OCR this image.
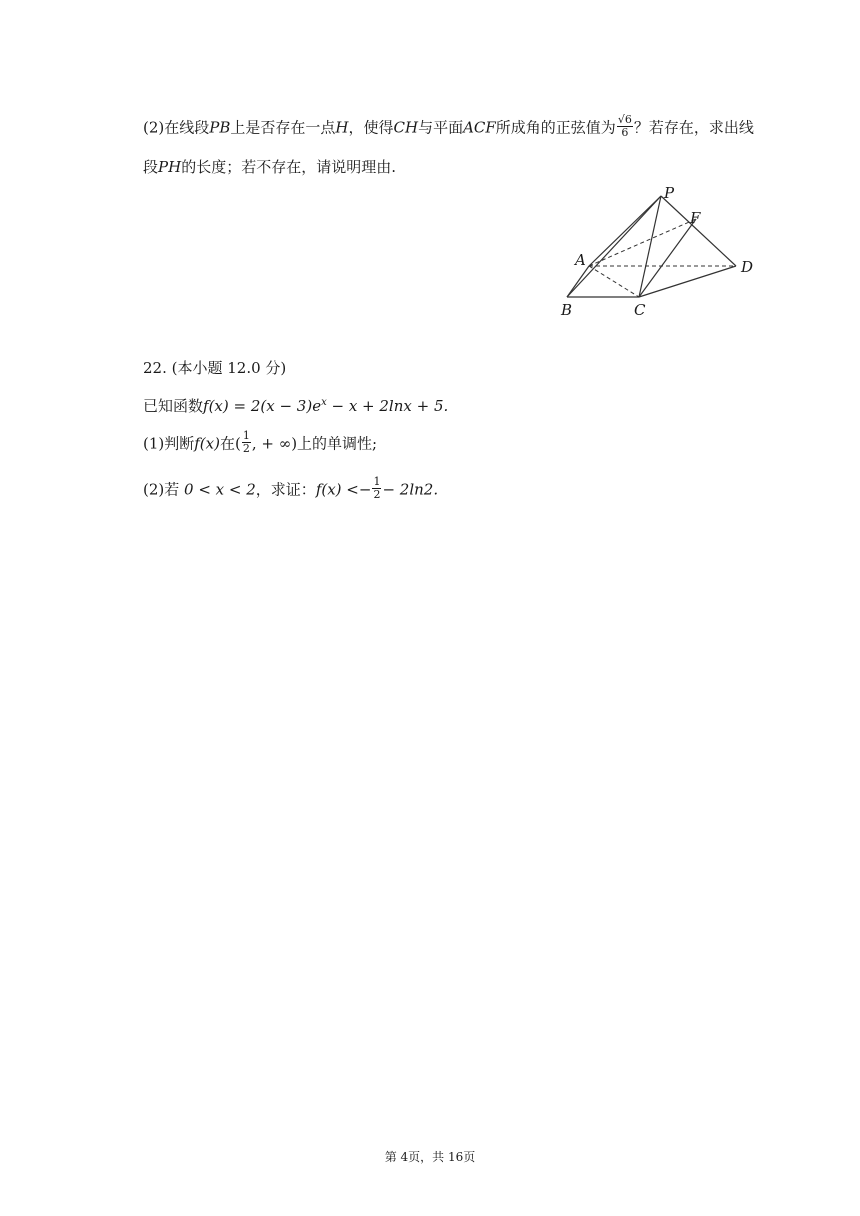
(2)在线段PB上是否存在一点H，使得CH与平面ACF所成角的正弦值为 $\frac{√6}{6}$ ？若存在，求出线
段PH的长度；若不存在，请说明理由.
P
F
A	D
B	C
22. (本小题 12.0 分)
已知函数$f(x) = 2(x - 3)e^x - x + 2\ln x + 5$.
(1)判断f(x)在( $\frac{1}{2}$ , + ∞)上的单调性;
(2)若 0 < x < 2，求证：$f(x) <- \frac{1}{2} - 2\ln 2$.
第 4页，共 16页
